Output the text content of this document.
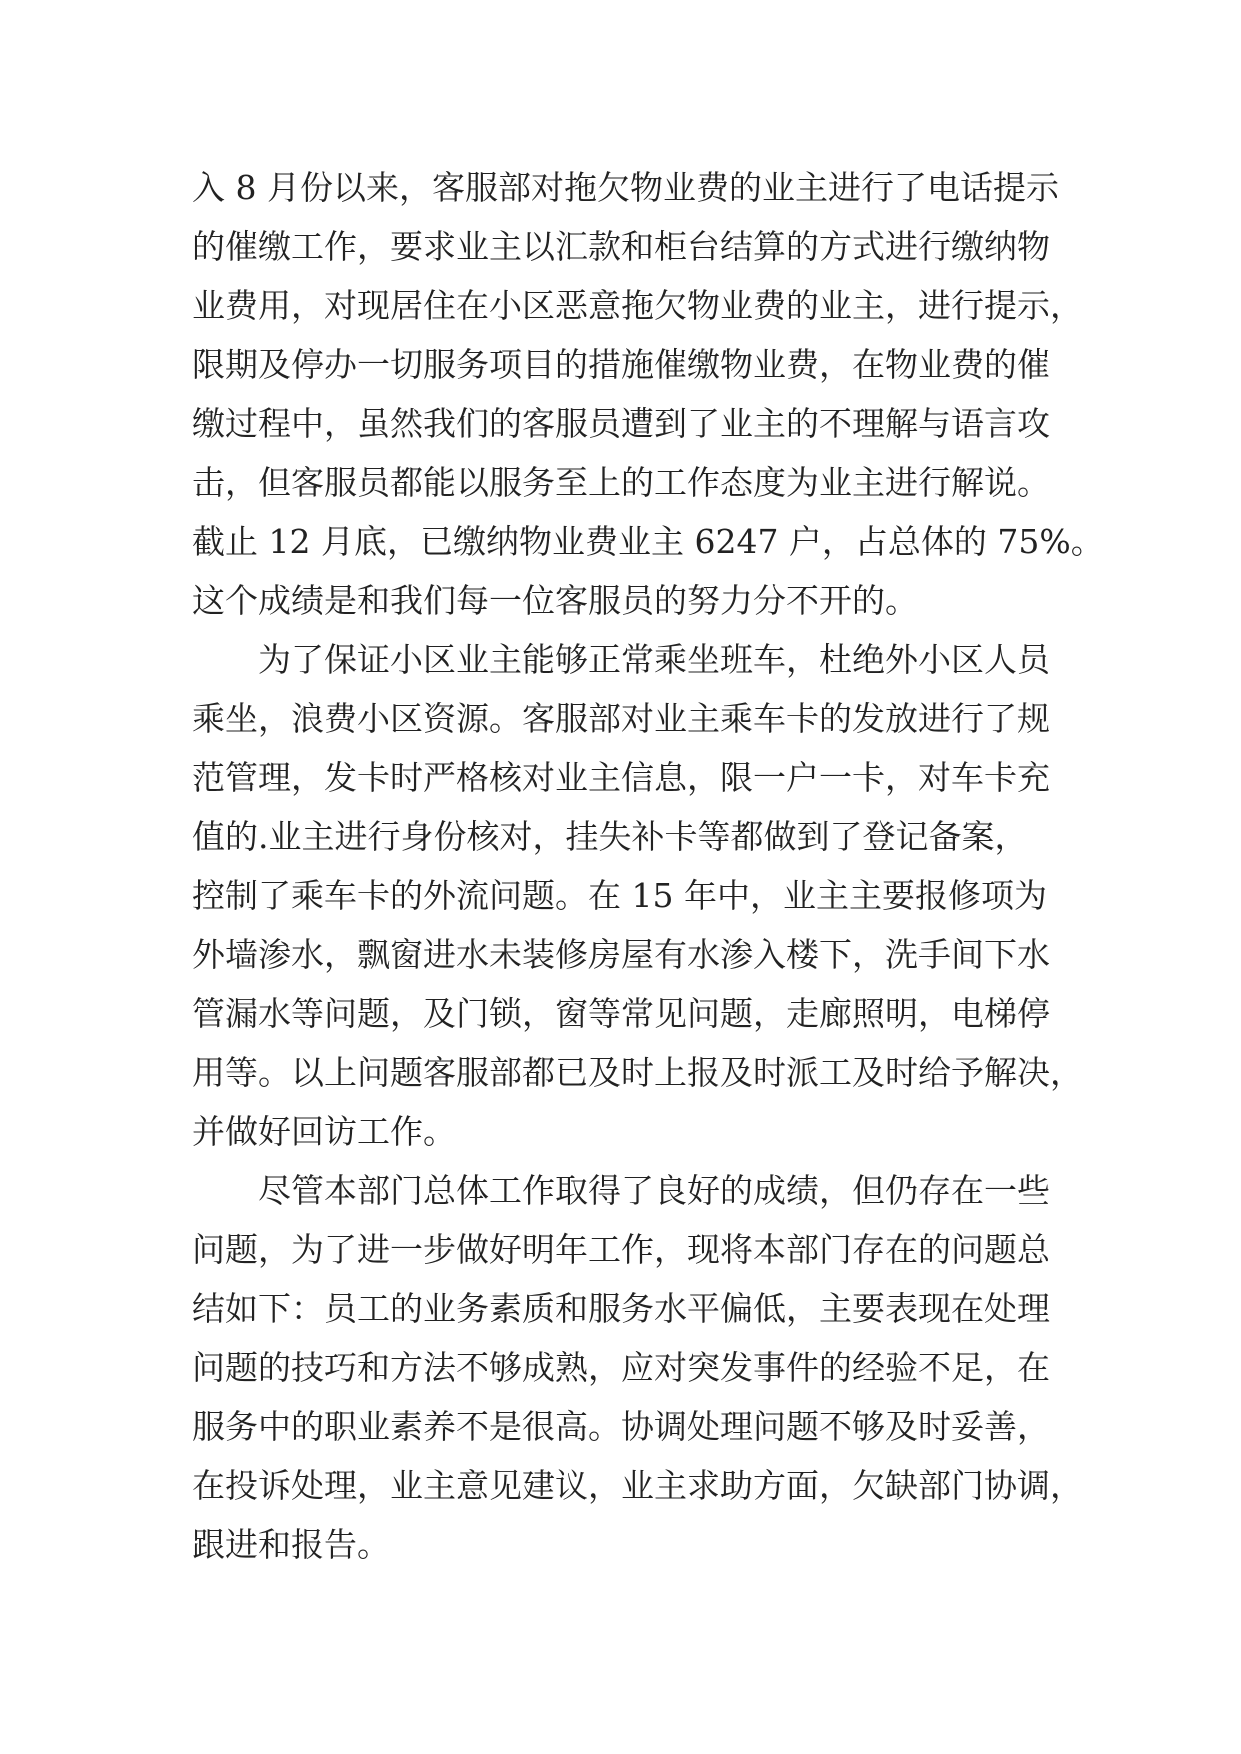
入 8 月份以来，客服部对拖欠物业费的业主进行了电话提示
的催缴工作，要求业主以汇款和柜台结算的方式进行缴纳物
业费用，对现居住在小区恶意拖欠物业费的业主，进行提示，
限期及停办一切服务项目的措施催缴物业费，在物业费的催
缴过程中，虽然我们的客服员遭到了业主的不理解与语言攻
击，但客服员都能以服务至上的工作态度为业主进行解说。
截止 12 月底，已缴纳物业费业主 6247 户，占总体的 75%。
这个成绩是和我们每一位客服员的努力分不开的。
为了保证小区业主能够正常乘坐班车，杜绝外小区人员
乘坐，浪费小区资源。客服部对业主乘车卡的发放进行了规
范管理，发卡时严格核对业主信息，限一户一卡，对车卡充
值的.业主进行身份核对，挂失补卡等都做到了登记备案，
控制了乘车卡的外流问题。在 15 年中，业主主要报修项为
外墙渗水，飘窗进水未装修房屋有水渗入楼下，洗手间下水
管漏水等问题，及门锁，窗等常见问题，走廊照明，电梯停
用等。以上问题客服部都已及时上报及时派工及时给予解决，
并做好回访工作。
尽管本部门总体工作取得了良好的成绩，但仍存在一些
问题，为了进一步做好明年工作，现将本部门存在的问题总
结如下：员工的业务素质和服务水平偏低，主要表现在处理
问题的技巧和方法不够成熟，应对突发事件的经验不足，在
服务中的职业素养不是很高。协调处理问题不够及时妥善，
在投诉处理，业主意见建议，业主求助方面，欠缺部门协调，
跟进和报告。
